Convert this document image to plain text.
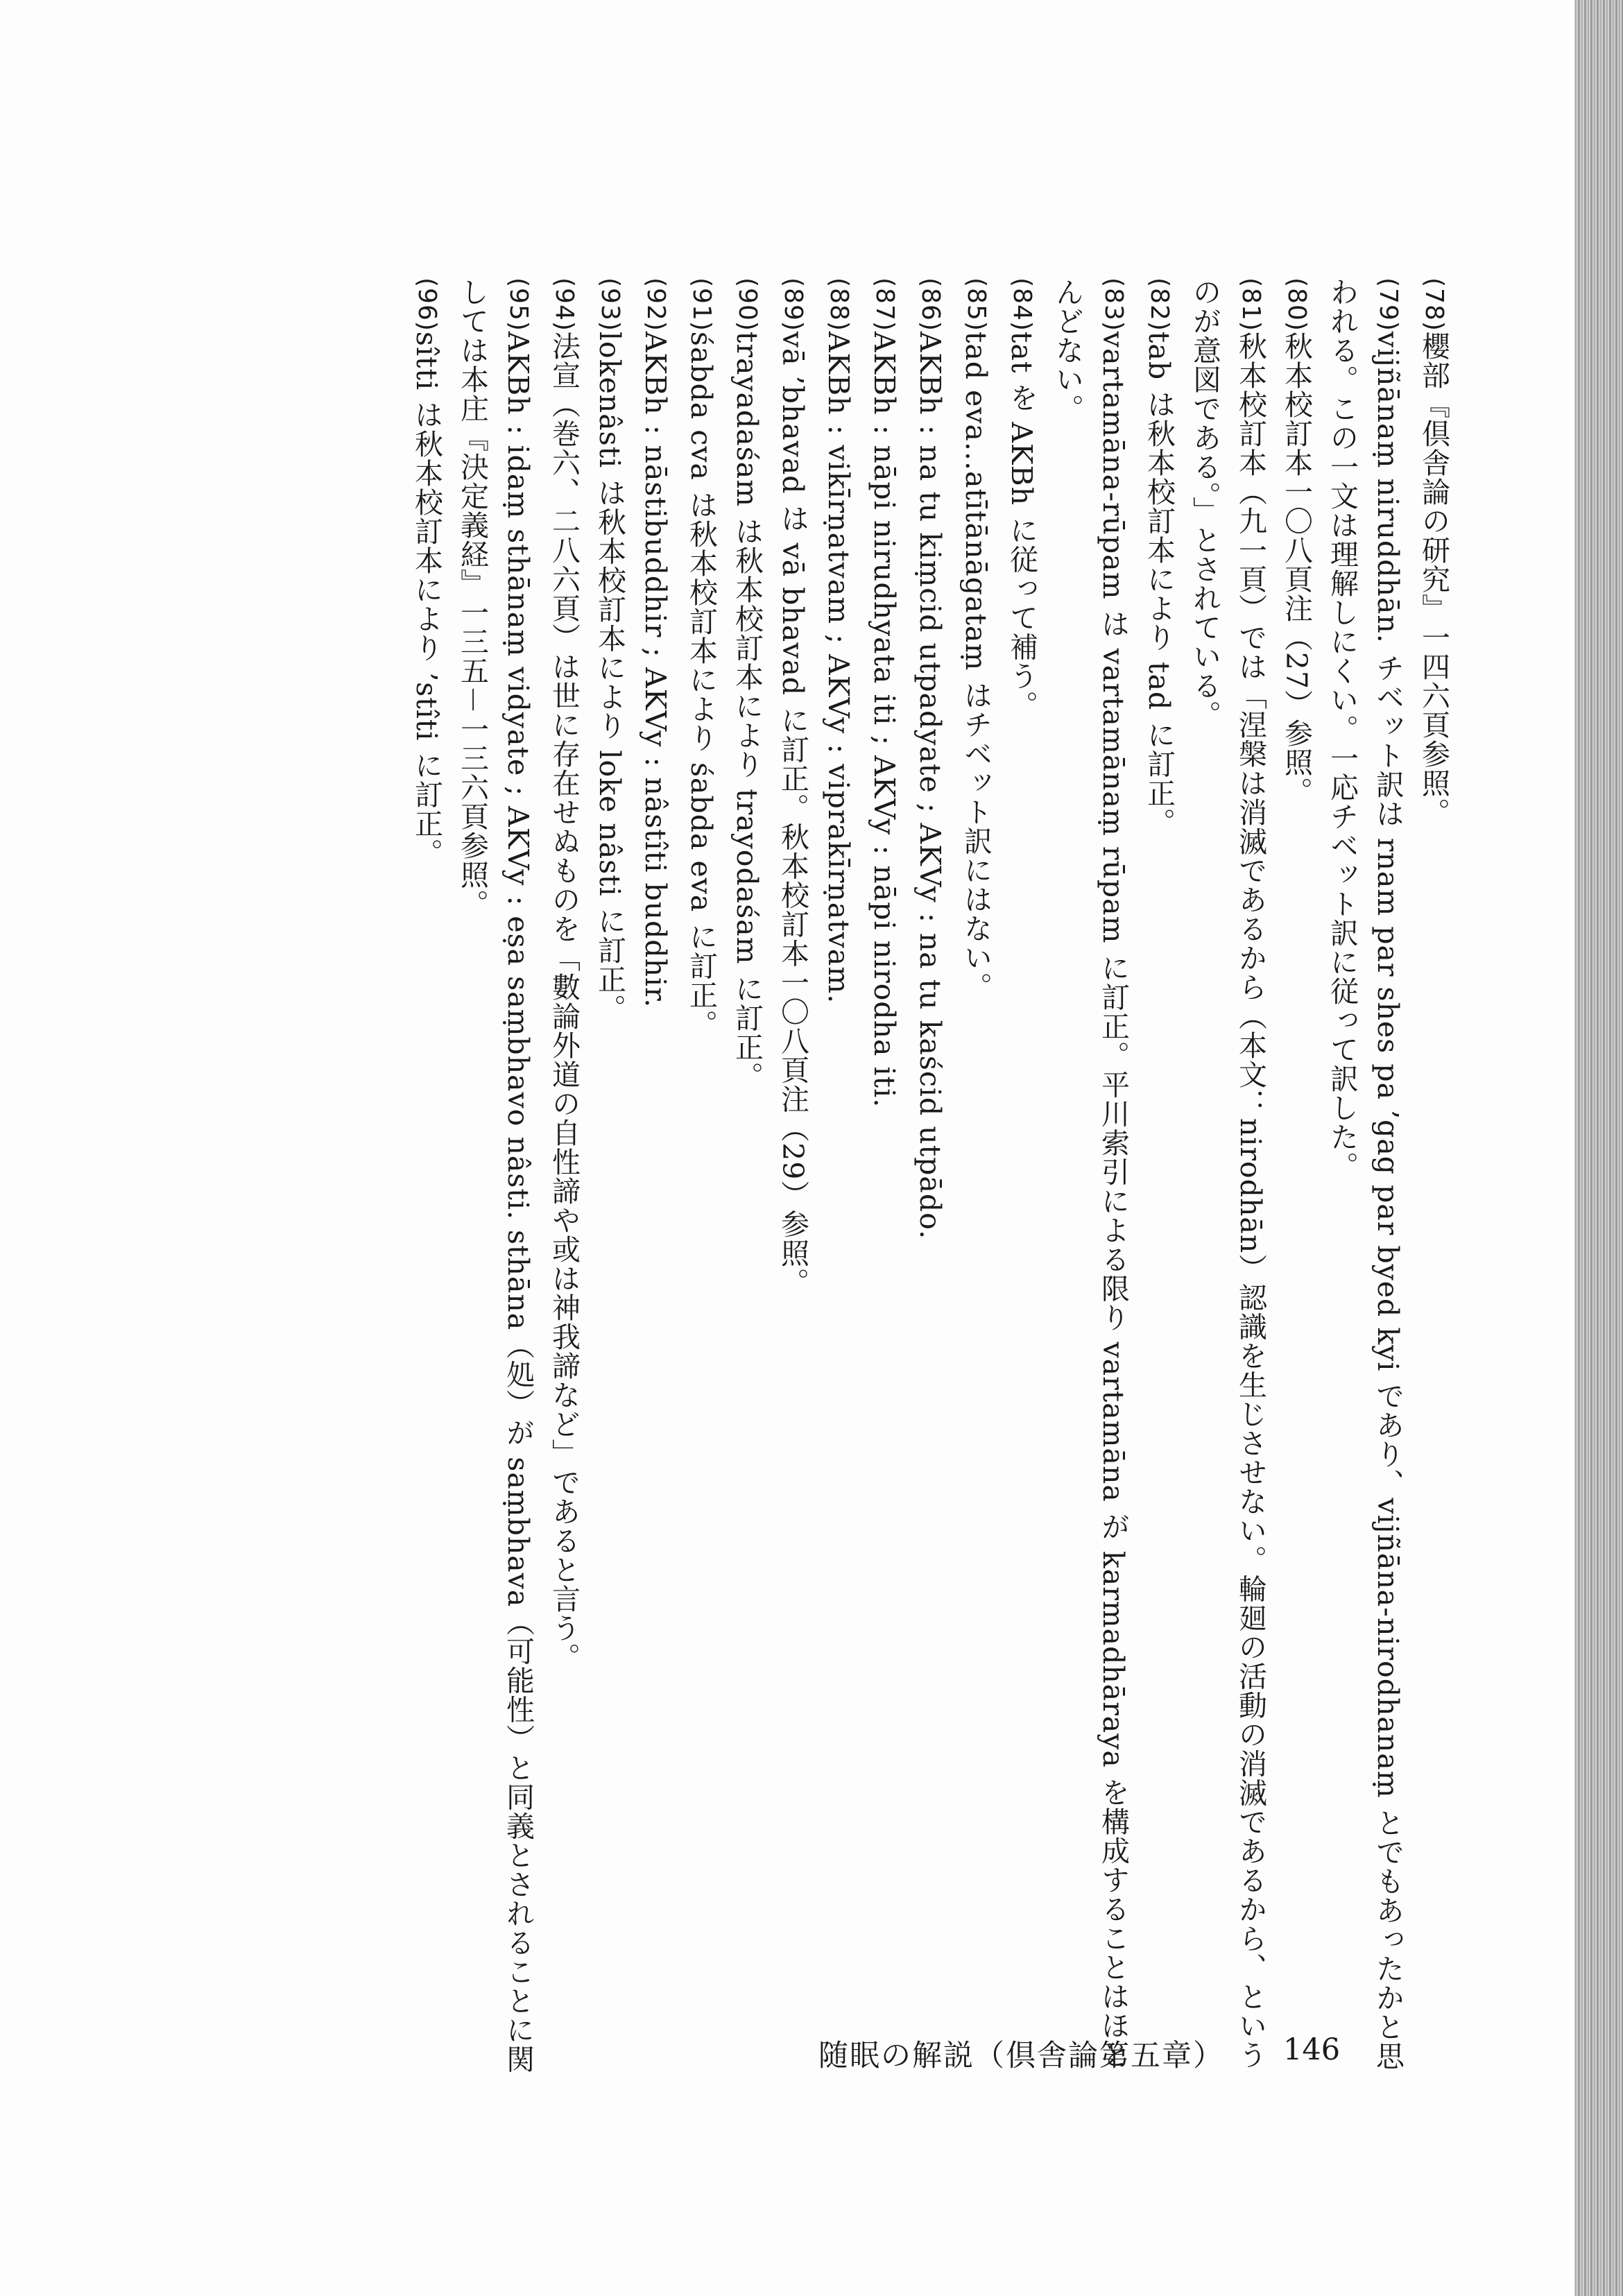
(78)櫻部『倶舎論の研究』一四六頁参照。

(79)vijñānaṃ niruddhān. チベット訳は rnam par shes pa ’gag par byed kyi であり、vijñāna-nirodhanaṃ とでもあったかと思われる。この一文は理解しにくい。一応チベット訳に従って訳した。

(80)秋本校訂本一〇八頁注（27）参照。

(81)秋本校訂本（九一頁）では「涅槃は消滅であるから（本文：nirodhān）認識を生じさせない。輪廻の活動の消滅であるから、というのが意図である。」とされている。

(82)tab は秋本校訂本により tad に訂正。

(83)vartamāna-rūpam は vartamānaṃ rūpam に訂正。平川索引による限り vartamāna が karmadhāraya を構成することはほとんどない。

(84)tat を AKBh に従って補う。

(85)tad eva...atītānāgataṃ はチベット訳にはない。

(86)AKBh : na tu kiṃcid utpadyate ; AKVy : na tu kaścid utpādo.

(87)AKBh : nāpi nirudhyata iti ; AKVy : nāpi nirodha iti.

(88)AKBh : vikīrṇatvam ; AKVy : viprakīrṇatvam.

(89)vā ’bhavad は vā bhavad に訂正。秋本校訂本一〇八頁注（29）参照。

(90)trayadaśam は秋本校訂本により trayodaśam に訂正。

(91)śabda cva は秋本校訂本により śabda eva に訂正。

(92)AKBh : nāstibuddhir ; AKVy : nâstîti buddhir.

(93)lokenâsti は秋本校訂本により loke nâsti に訂正。

(94)法宣（巻六、二八六頁）は世に存在せぬものを「數論外道の自性諦や或は神我諦など」であると言う。

(95)AKBh : idaṃ sthānaṃ vidyate ; AKVy : eṣa saṃbhavo nâsti. sthāna（処）が saṃbhava（可能性）と同義とされることに関しては本庄『決定義経』一三五－一三六頁参照。

(96)sîtti は秋本校訂本により ’stîti に訂正。

随眠の解説（倶舎論第五章） 146
